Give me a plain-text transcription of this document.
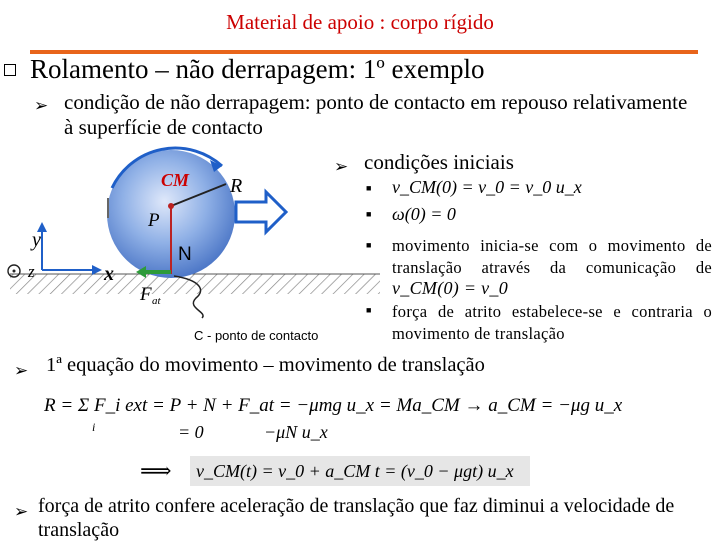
Material de apoio : corpo rígido
Rolamento – não derrapagem: 1º exemplo
➢ condição de não derrapagem: ponto de contacto em repouso relativamente à superfície de contacto
➢ condições iniciais
y
x
z
R
P
N
F at
C - ponto de contacto
CM	■ v_CM(0) = v_0 = v_0 u_x
■ ω(0) = 0
■ movimento inicia-se com o movimento de translação através da comunicação de v_CM(0) = v_0
■ força de atrito estabelece-se e contraria o movimento de translação
➢ 1ª equação do movimento – movimento de translação
R = Σ F_i ext = P + N + F_at = −μmg u_x = Ma_CM → a_CM = −μg u_x
i	= 0	−μN u_x
⟹	v_CM(t) = v_0 + a_CM t = (v_0 − μgt) u_x
➢ força de atrito confere aceleração de translação que faz diminui a velocidade de translação
